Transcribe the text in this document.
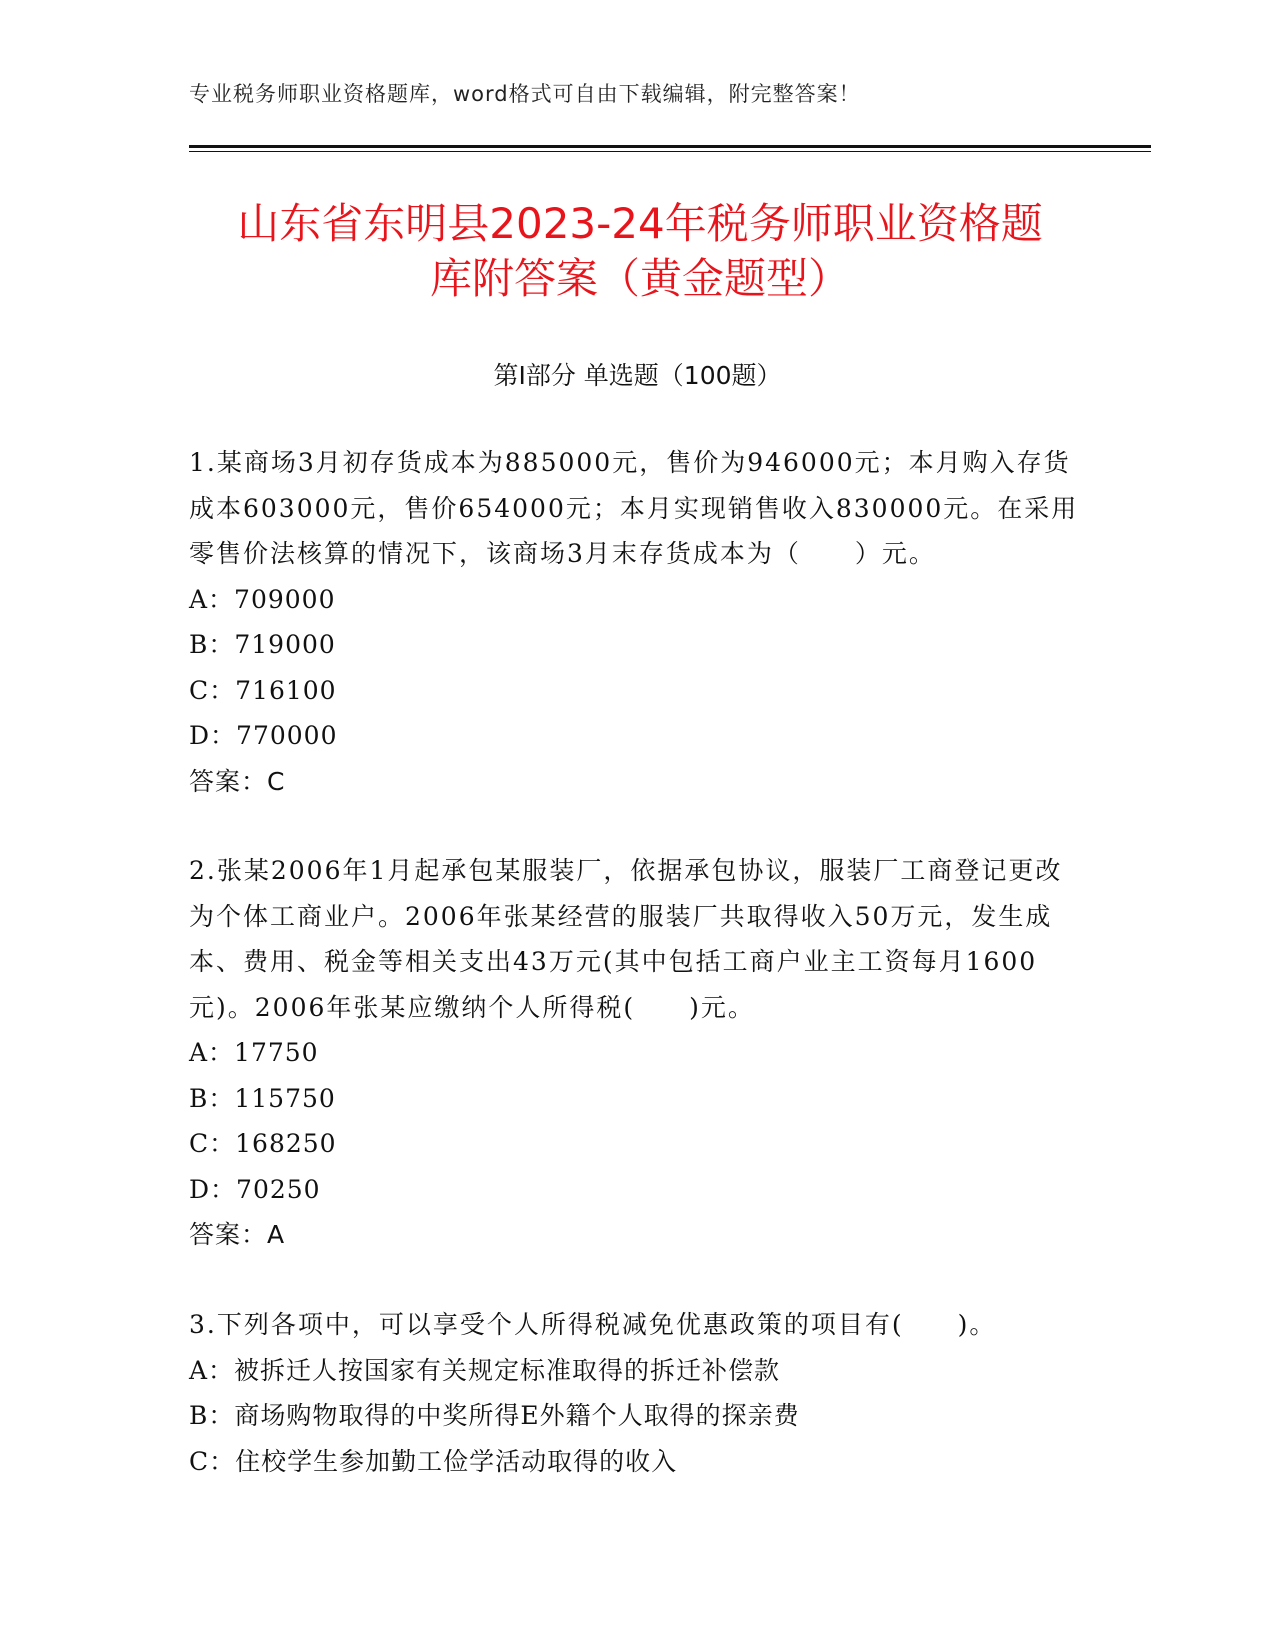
专业税务师职业资格题库，word格式可自由下载编辑，附完整答案！
山东省东明县2023-24年税务师职业资格题
库附答案（黄金题型）
第Ⅰ部分 单选题（100题）
1.某商场3月初存货成本为885000元，售价为946000元；本月购入存货成本603000元，售价654000元；本月实现销售收入830000元。在采用零售价法核算的情况下，该商场3月末存货成本为（　　）元。
A：709000
B：719000
C：716100
D：770000
答案：C
2.张某2006年1月起承包某服装厂，依据承包协议，服装厂工商登记更改为个体工商业户。2006年张某经营的服装厂共取得收入50万元，发生成本、费用、税金等相关支出43万元(其中包括工商户业主工资每月1600元)。2006年张某应缴纳个人所得税(　　)元。
A：17750
B：115750
C：168250
D：70250
答案：A
3.下列各项中，可以享受个人所得税减免优惠政策的项目有(　　)。
A：被拆迁人按国家有关规定标准取得的拆迁补偿款
B：商场购物取得的中奖所得E外籍个人取得的探亲费
C：住校学生参加勤工俭学活动取得的收入
